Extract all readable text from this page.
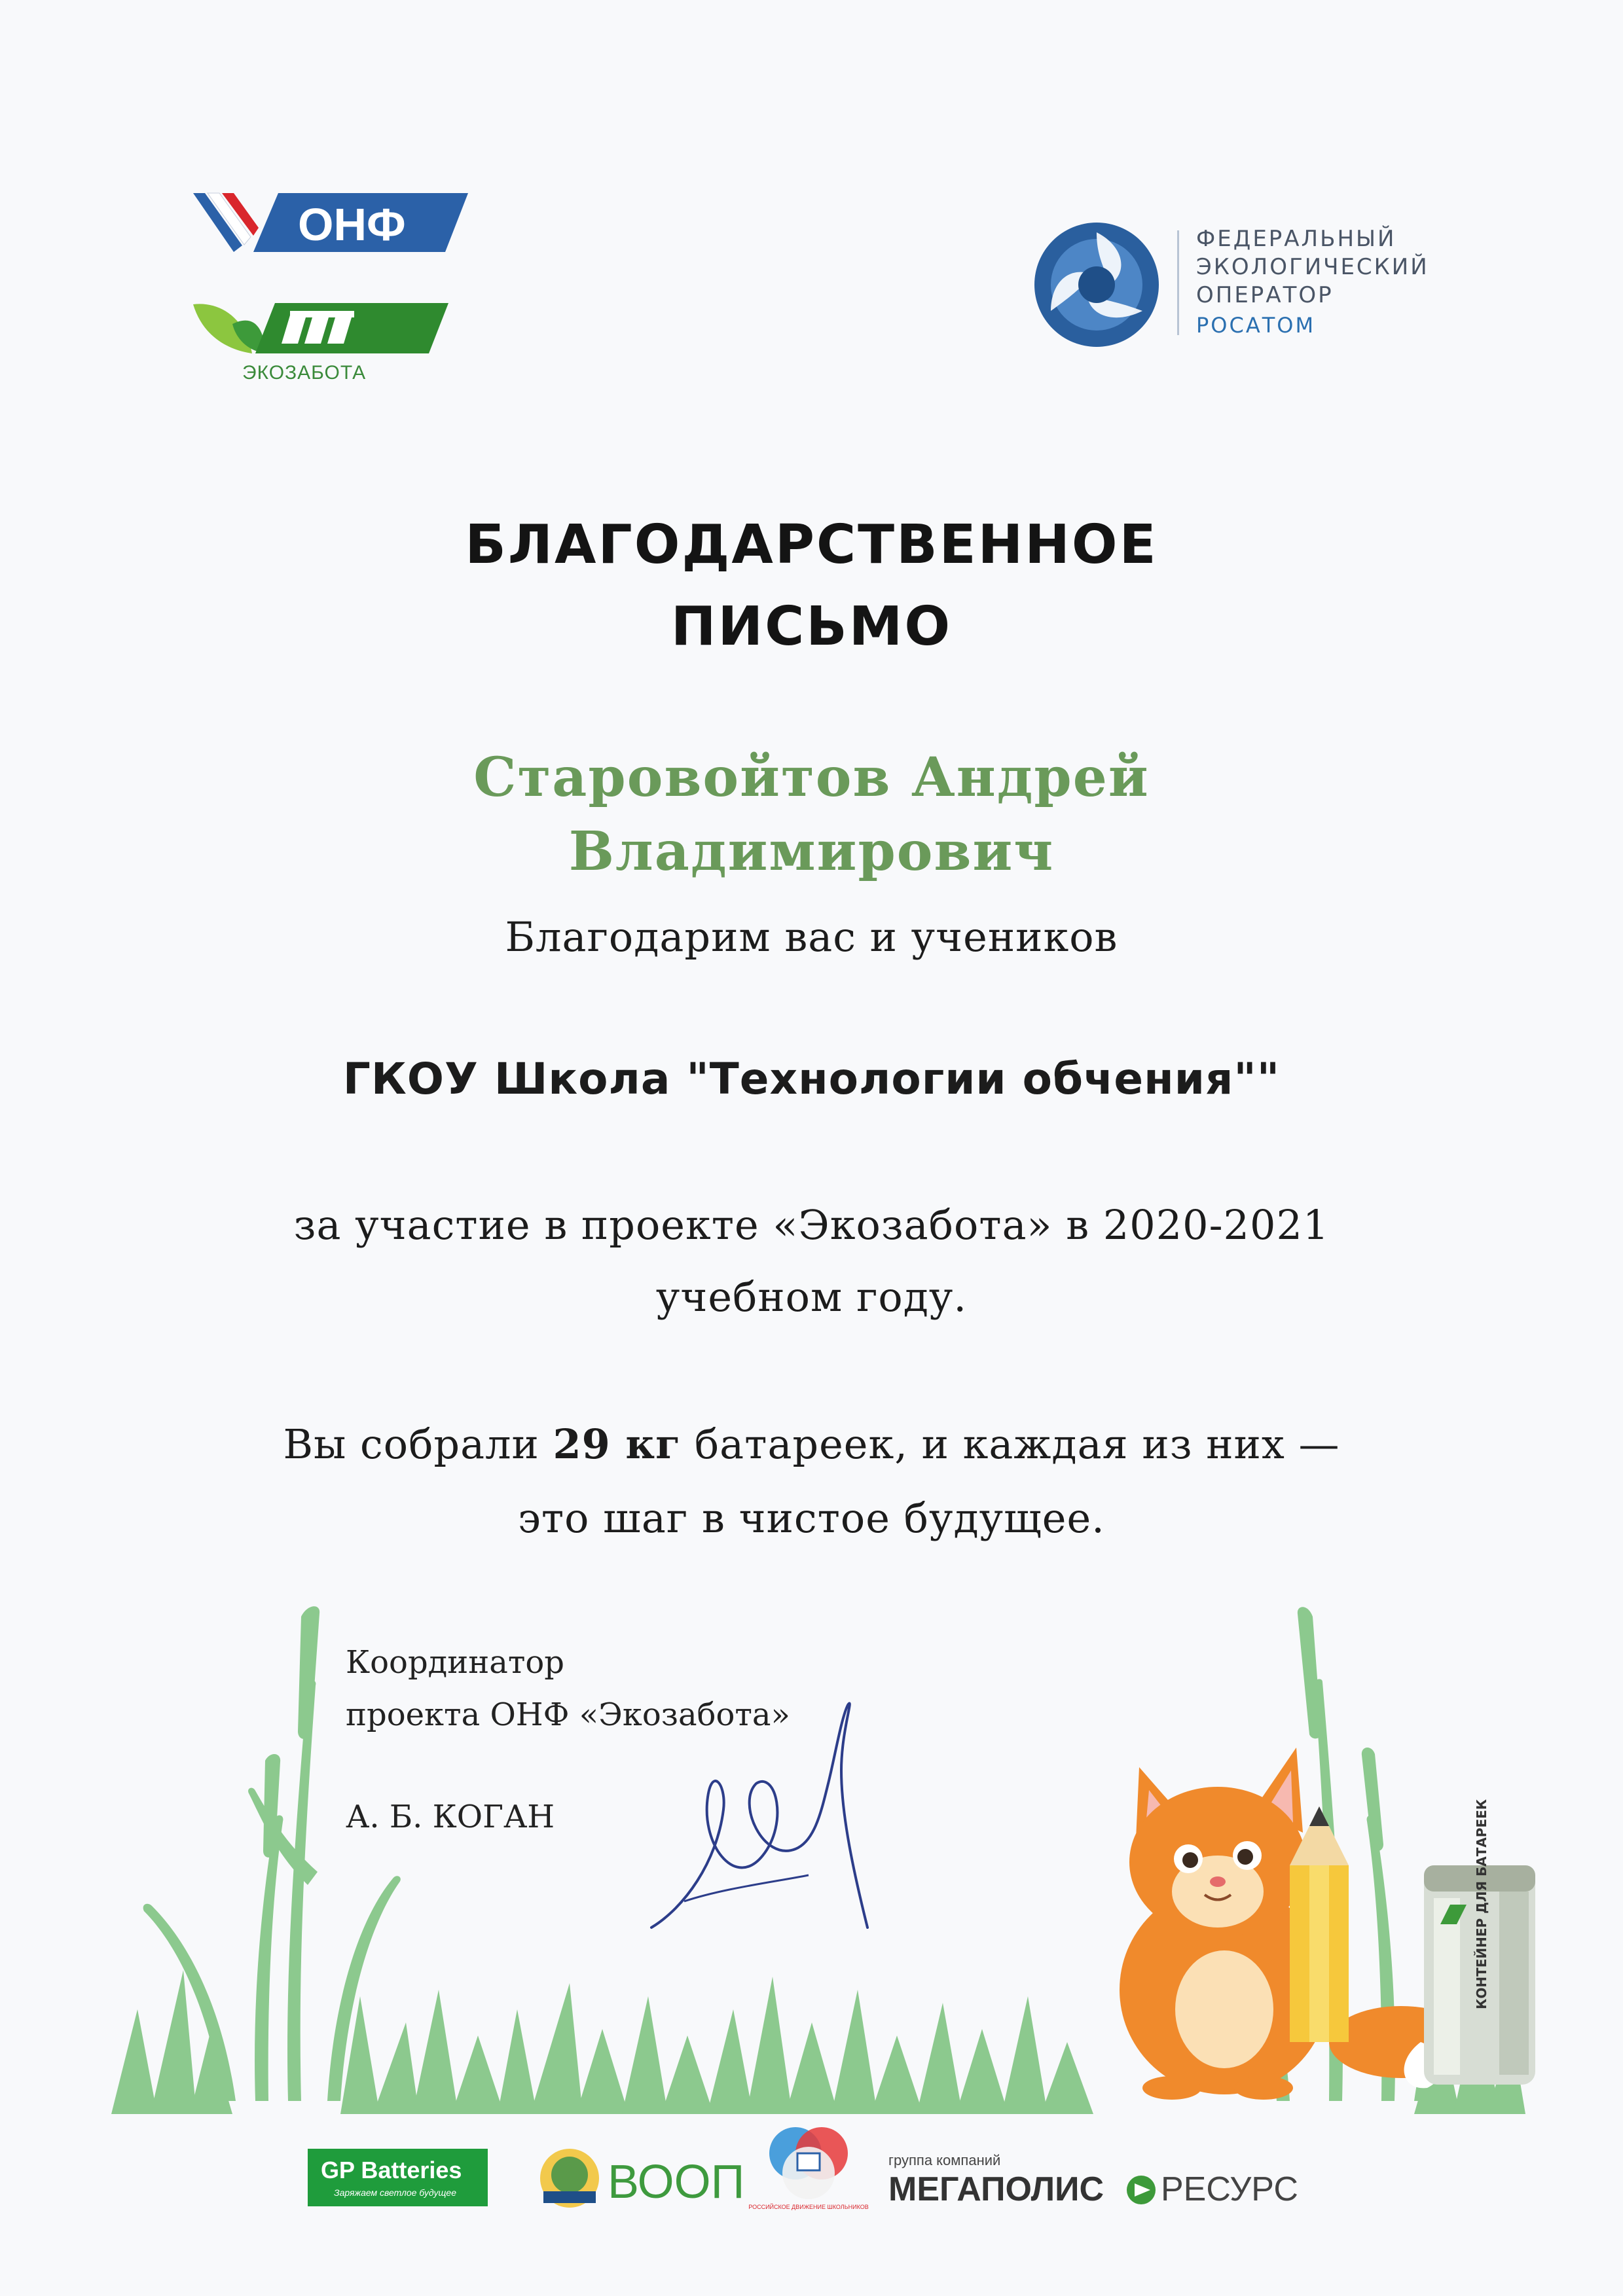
ОНФ
ЭКОЗАБОТА
ФЕДЕРАЛЬНЫЙ
ЭКОЛОГИЧЕСКИЙ
ОПЕРАТОР
РОСАТОМ
БЛАГОДАРСТВЕННОЕ
ПИСЬМО
Старовойтов Андрей
Владимирович
Благодарим вас и учеников
ГКОУ Школа "Технологии обчения""
за участие в проекте «Экозабота» в 2020-2021
учебном году.
Вы собрали 29 кг батареек, и каждая из них —
это шаг в чистое будущее.
КОНТЕЙНЕР ДЛЯ БАТАРЕЕК
Координатор
проекта ОНФ «Экозабота»
А. Б. КОГАН
GP Batteries
Заряжаем светлое будущее	ВООП РОССИЙСКОЕ ДВИЖЕНИЕ ШКОЛЬНИКОВ
группа компаний
МЕГАПОЛИС РЕСУРС
